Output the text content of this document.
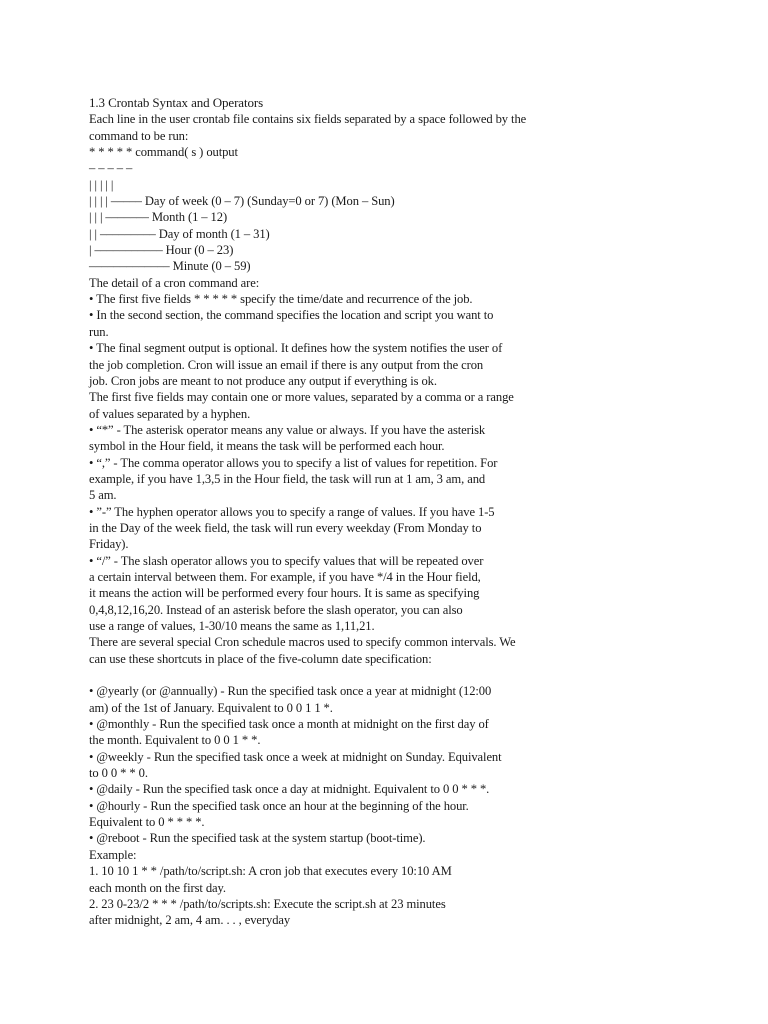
1.3 Crontab Syntax and Operators
Each line in the user crontab file contains six fields separated by a space followed by the
command to be run:
* * * * * command( s ) output
– – – – –
| | | | |
| | | | ––––– Day of week (0 – 7) (Sunday=0 or 7) (Mon – Sun)
| | | ––––––– Month (1 – 12)
| | ––––––––– Day of month (1 – 31)
| ––––––––––– Hour (0 – 23)
––––––––––––– Minute (0 – 59)
The detail of a cron command are:
• The first five fields * * * * * specify the time/date and recurrence of the job.
• In the second section, the command specifies the location and script you want to
run.
• The final segment output is optional. It defines how the system notifies the user of
the job completion. Cron will issue an email if there is any output from the cron
job. Cron jobs are meant to not produce any output if everything is ok.
The first five fields may contain one or more values, separated by a comma or a range
of values separated by a hyphen.
• “*” - The asterisk operator means any value or always. If you have the asterisk
symbol in the Hour field, it means the task will be performed each hour.
• “,” - The comma operator allows you to specify a list of values for repetition. For
example, if you have 1,3,5 in the Hour field, the task will run at 1 am, 3 am, and
5 am.
• ”-” The hyphen operator allows you to specify a range of values. If you have 1-5
in the Day of the week field, the task will run every weekday (From Monday to
Friday).
• “/” - The slash operator allows you to specify values that will be repeated over
a certain interval between them. For example, if you have */4 in the Hour field,
it means the action will be performed every four hours. It is same as specifying
0,4,8,12,16,20. Instead of an asterisk before the slash operator, you can also
use a range of values, 1-30/10 means the same as 1,11,21.
There are several special Cron schedule macros used to specify common intervals. We
can use these shortcuts in place of the five-column date specification:
• @yearly (or @annually) - Run the specified task once a year at midnight (12:00
am) of the 1st of January. Equivalent to 0 0 1 1 *.
• @monthly - Run the specified task once a month at midnight on the first day of
the month. Equivalent to 0 0 1 * *.
• @weekly - Run the specified task once a week at midnight on Sunday. Equivalent
to 0 0 * * 0.
• @daily - Run the specified task once a day at midnight. Equivalent to 0 0 * * *.
• @hourly - Run the specified task once an hour at the beginning of the hour.
Equivalent to 0 * * * *.
• @reboot - Run the specified task at the system startup (boot-time).
Example:
1. 10 10 1 * * /path/to/script.sh: A cron job that executes every 10:10 AM
each month on the first day.
2. 23 0-23/2 * * * /path/to/scripts.sh: Execute the script.sh at 23 minutes
after midnight, 2 am, 4 am. . . , everyday
